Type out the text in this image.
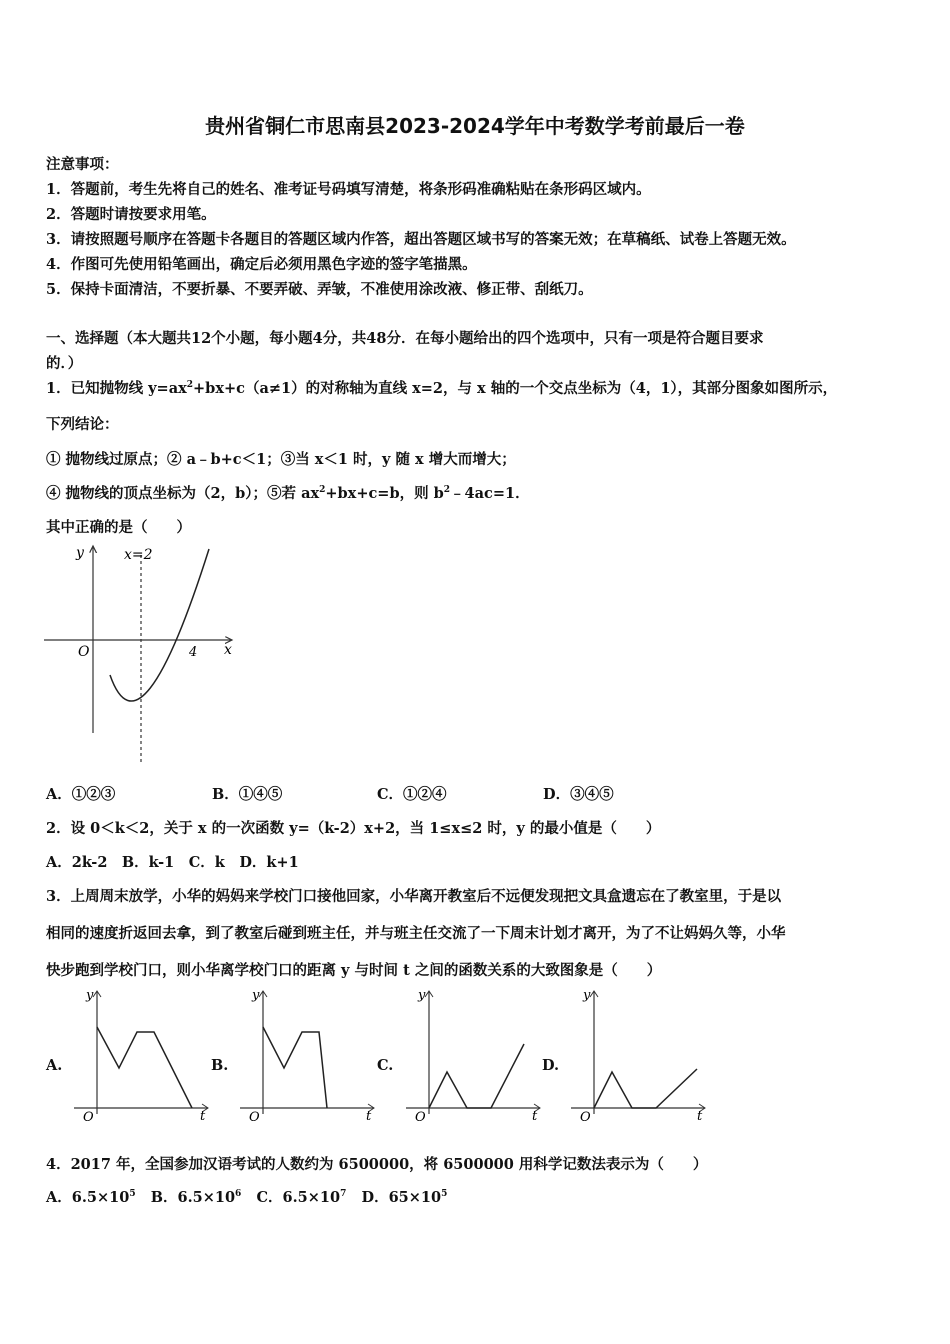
贵州省铜仁市思南县2023-2024学年中考数学考前最后一卷
注意事项：
1．答题前，考生先将自己的姓名、准考证号码填写清楚，将条形码准确粘贴在条形码区域内。
2．答题时请按要求用笔。
3．请按照题号顺序在答题卡各题目的答题区域内作答，超出答题区域书写的答案无效；在草稿纸、试卷上答题无效。
4．作图可先使用铅笔画出，确定后必须用黑色字迹的签字笔描黑。
5．保持卡面清洁，不要折暴、不要弄破、弄皱，不准使用涂改液、修正带、刮纸刀。
一、选择题（本大题共12个小题，每小题4分，共48分．在每小题给出的四个选项中，只有一项是符合题目要求
的．）
1．已知抛物线 $y=ax^2+bx+c(a\ne 1)$的对称轴为直线 x=2，与 x 轴的一个交点坐标为（4，1），其部分图象如图所示，
下列结论：
① 抛物线过原点；② a﹣b+c＜1；③当 x＜1 时，y 随 x 增大而增大；
④ 抛物线的顶点坐标为（2，b）；⑤若 $ax^2+bx+c=b$，则 $b^2﹣4ac=1$．
其中正确的是（　　）
y	x=2
x
O	4
A．①②③	B．①④⑤	C．①②④	D．③④⑤
2．设 0＜k＜2，关于 x 的一次函数 y=（k-2）x+2，当 1≤x≤2 时，y 的最小值是（　　）
A．2k-2　B．k-1　C．k　D．k+1
3．上周周末放学，小华的妈妈来学校门口接他回家，小华离开教室后不远便发现把文具盒遗忘在了教室里，于是以
相同的速度折返回去拿，到了教室后碰到班主任，并与班主任交流了一下周末计划才离开，为了不让妈妈久等，小华
快步跑到学校门口，则小华离学校门口的距离 y 与时间 t 之间的函数关系的大致图象是（　　）
A.
y
t
O
B.
y
t
O
C.
y
t
O
D.
y
t
O
4．2017 年，全国参加汉语考试的人数约为 6500000，将 6500000 用科学记数法表示为（　　）
A．$6.5\times 10^5$ B．$6.5\times 10^6$ C．$6.5\times 10^7$ D．$65\times 10^5$
